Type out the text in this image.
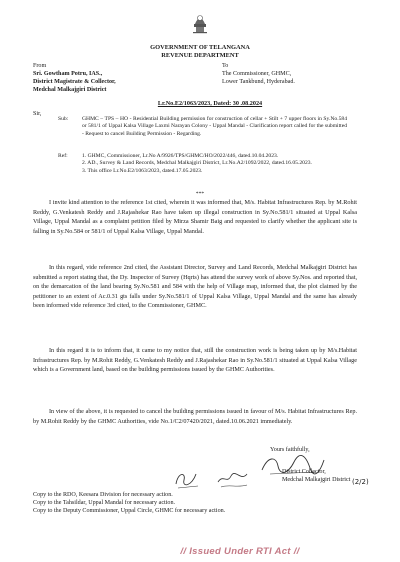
GOVERNMENT OF TELANGANA
REVENUE DEPARTMENT
From
Sri. Gowtham Potru, IAS.,
District Magistrate & Collector,
Medchal Malkajgiri District
To
The Commissioner, GHMC,
Lower Tankbund, Hyderabad.
Lr.No.E2/1063/2023, Dated: 30 .08.2024
Sir,
Sub:	GHMC – TPS – HO - Residential Building permission for construction of cellar + Stilt + 7 upper floors in Sy.No.584 or 581/1 of Uppal Kalsa Village Laxmi Narayan Colony - Uppal Mandal - Clarification report called for the submitted - Request to cancel Building Permission - Regarding.
Ref:	1. GHMC, Commissioner, Lr.No A/9926/TPS/GHMC/HO/2022/446, dated.10.04.2023.
2. AD., Survey & Land Records, Medchal Malkajgiri District, Lr.No.A2/1092/2022, dated.16.05.2023.
3. This office Lr.No.E2/1063/2023, dated.17.05.2023.
***
I invite kind attention to the reference 1st cited, wherein it was informed that, M/s. Habitat Infrastructures Rep. by M.Rohit Reddy, G.Venkatesh Reddy and J.Rajashekar Rao have taken up illegal construction in Sy.No.581/1 situated at Uppal Kalsa Village, Uppal Mandal as a complaint petition filed by Mirza Shamir Baig and requested to clarify whether the applicant site is falling in Sy.No.584 or 581/1 of Uppal Kalsa Village, Uppal Mandal.
In this regard, vide reference 2nd cited, the Assistant Director, Survey and Land Records, Medchal Malkajgiri District has submitted a report stating that, the Dy. Inspector of Survey (Hqrts) has attend the survey work of above Sy.Nos. and reported that, on the demarcation of the land bearing Sy.No.581 and 584 with the help of Village map, informed that, the plot claimed by the petitioner to an extent of Ac.0.31 gts falls under Sy.No.581/1 of Uppal Kalsa Village, Uppal Mandal and the same has already been informed vide reference 3rd cited, to the Commissioner, GHMC.
In this regard it is to inform that, it came to my notice that, still the construction work is being taken up by M/s.Habitat Infrastructures Rep. by M.Rohit Reddy, G.Venkatesh Reddy and J.Rajashekar Rao in Sy.No.581/1 situated at Uppal Kalsa Village which is a Government land, based on the building permissions issued by the GHMC Authorities.
In view of the above, it is requested to cancel the building permissions issued in favour of M/s. Habitat Infrastructures Rep. by M.Rohit Reddy by the GHMC Authorities, vide No.1/C2/07420/2021, dated.10.06.2021 immediately.
Yours faithfully,
District Collector,
Medchal Malkajgiri District (2/2)
Copy to the RDO, Keesara Division for necessary action.
Copy to the Tahsildar, Uppal Mandal for necessary action.
Copy to the Deputy Commissioner, Uppal Circle, GHMC for necessary action.
// Issued Under RTI Act //
